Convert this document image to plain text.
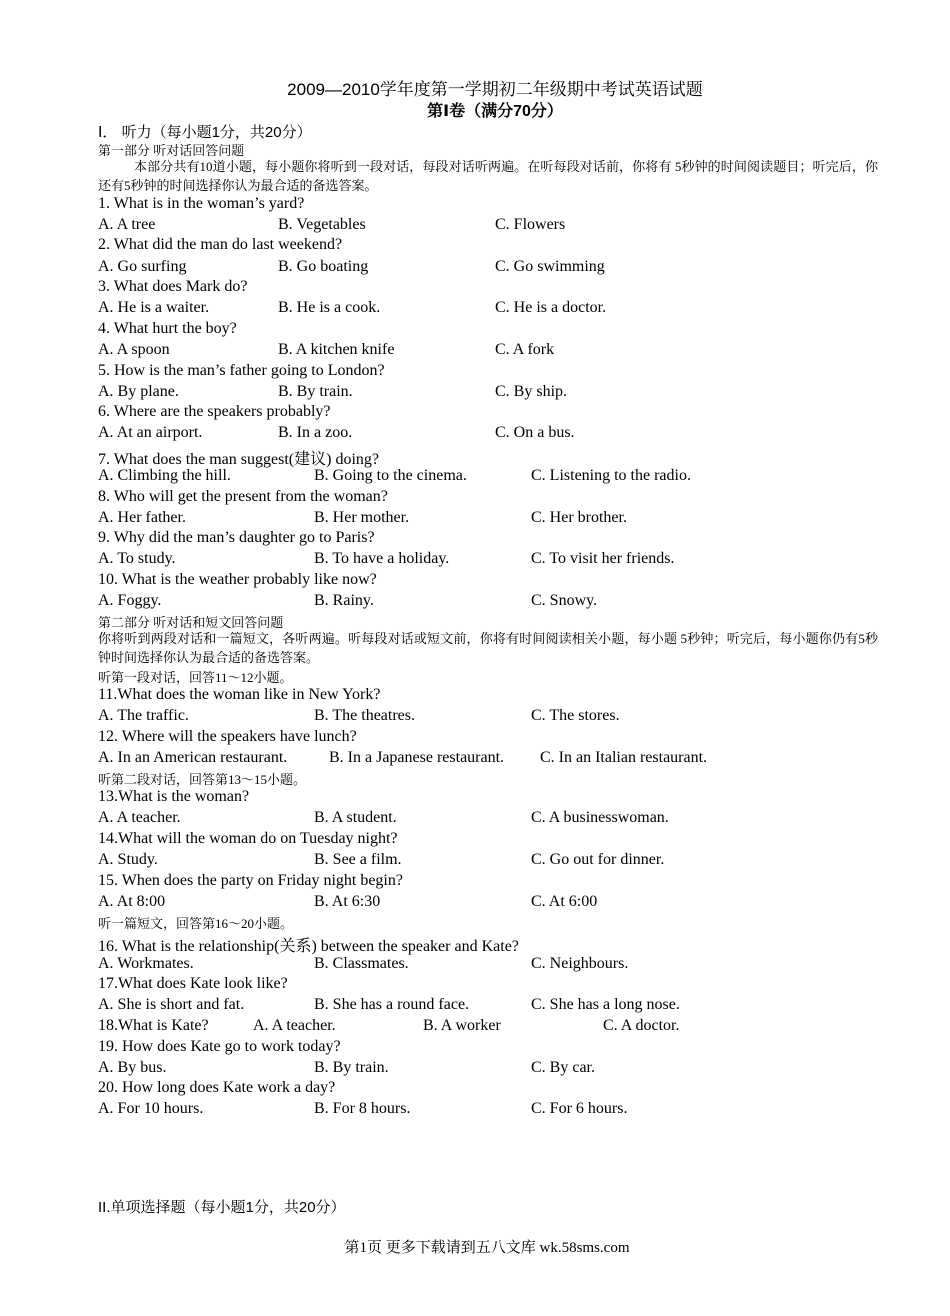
2009—2010学年度第一学期初二年级期中考试英语试题
第Ⅰ卷（满分70分）
Ⅰ． 听力（每小题1分，共20分）
第一部分 听对话回答问题
本部分共有10道小题，每小题你将听到一段对话，每段对话听两遍。在听每段对话前，你将有 5秒钟的时间阅读题目；听完后，你还有5秒钟的时间选择你认为最合适的备选答案。
1. What is in the woman’s yard?
A. A tree	B. Vegetables	C. Flowers
2. What did the man do last weekend?
A. Go surfing	B. Go boating	C. Go swimming
3. What does Mark do?
A. He is a waiter.	B. He is a cook.	C. He is a doctor.
4. What hurt the boy?
A. A spoon	B. A kitchen knife	C. A fork
5. How is the man’s father going to London?
A. By plane.	B. By train.	C. By ship.
6. Where are the speakers probably?
A. At an airport.	B. In a zoo.	C. On a bus.
7. What does the man suggest(建议) doing?
A. Climbing the hill.	B. Going to the cinema.	C. Listening to the radio.
8. Who will get the present from the woman?
A. Her father.	B. Her mother.	C. Her brother.
9. Why did the man’s daughter go to Paris?
A. To study.	B. To have a holiday.	C. To visit her friends.
10. What is the weather probably like now?
A. Foggy.	B. Rainy.	C. Snowy.
第二部分 听对话和短文回答问题
你将听到两段对话和一篇短文，各听两遍。听每段对话或短文前，你将有时间阅读相关小题，每小题 5秒钟；听完后，每小题你仍有5秒钟时间选择你认为最合适的备选答案。
听第一段对话，回答11～12小题。
11.What does the woman like in New York?
A. The traffic.	B. The theatres.	C. The stores.
12. Where will the speakers have lunch?
A. In an American restaurant.	B. In a Japanese restaurant. C. In an Italian restaurant.
听第二段对话，回答第13～15小题。
13.What is the woman?
A. A teacher.	B. A student.	C. A businesswoman.
14.What will the woman do on Tuesday night?
A. Study.	B. See a film.	C. Go out for dinner.
15. When does the party on Friday night begin?
A. At 8:00	B. At 6:30	C. At 6:00
听一篇短文，回答第16～20小题。
16. What is the relationship(关系) between the speaker and Kate?
A. Workmates.	B. Classmates.	C. Neighbours.
17.What does Kate look like?
A. She is short and fat.	B. She has a round face.	C. She has a long nose.
18.What is Kate?	A. A teacher.	B. A worker	C. A doctor.
19. How does Kate go to work today?
A. By bus.	B. By train.	C. By car.
20. How long does Kate work a day?
A. For 10 hours.	B. For 8 hours.	C. For 6 hours.
II.单项选择题（每小题1分，共20分）
第1页 更多下载请到五八文库 wk.58sms.com
